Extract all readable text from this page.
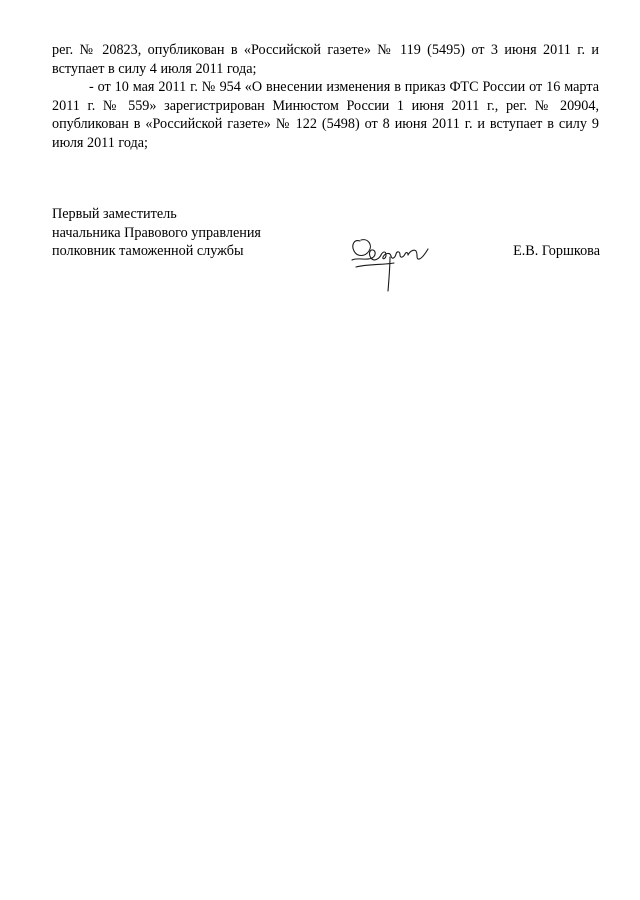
рег. № 20823, опубликован в «Российской газете» № 119 (5495) от 3 июня 2011 г. и вступает в силу 4 июля 2011 года;

- от 10 мая 2011 г. № 954 «О внесении изменения в приказ ФТС России от 16 марта 2011 г. № 559» зарегистрирован Минюстом России 1 июня 2011 г., рег. № 20904, опубликован в «Российской газете» № 122 (5498) от 8 июня 2011 г. и вступает в силу 9 июля 2011 года;

Первый заместитель
начальника Правового управления
полковник таможенной службы	Е.В. Горшкова
